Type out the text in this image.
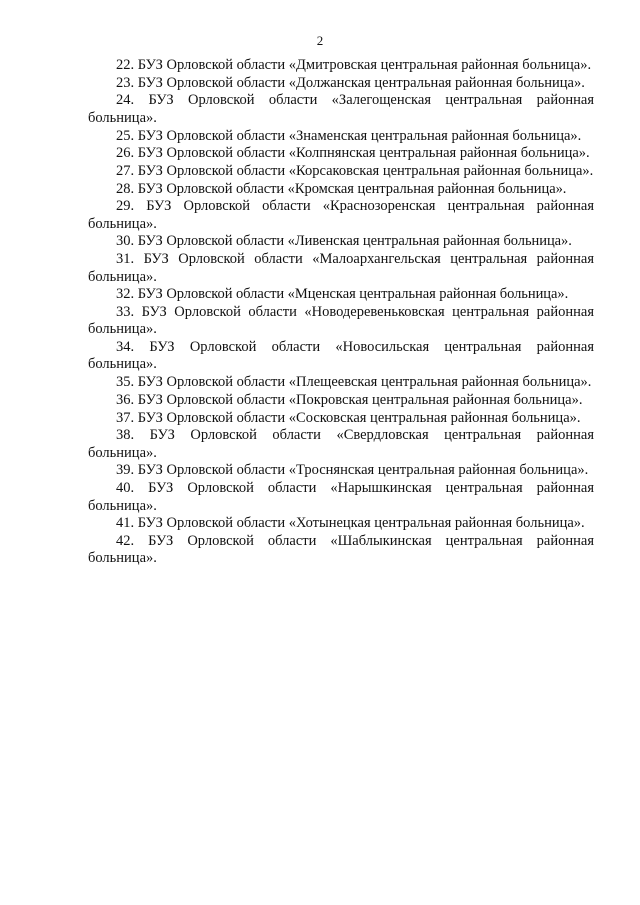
2

22. БУЗ Орловской области «Дмитровская центральная районная больница».

23. БУЗ Орловской области «Должанская центральная районная больница».

24. БУЗ Орловской области «Залегощенская центральная районная больница».

25. БУЗ Орловской области «Знаменская центральная районная больница».

26. БУЗ Орловской области «Колпнянская центральная районная больница».

27. БУЗ Орловской области «Корсаковская центральная районная больница».

28. БУЗ Орловской области «Кромская центральная районная больница».

29. БУЗ Орловской области «Краснозоренская центральная районная больница».

30. БУЗ Орловской области «Ливенская центральная районная больница».

31. БУЗ Орловской области «Малоархангельская центральная районная больница».

32. БУЗ Орловской области «Мценская центральная районная больница».

33. БУЗ Орловской области «Новодеревеньковская центральная районная больница».

34. БУЗ Орловской области «Новосильская центральная районная больница».

35. БУЗ Орловской области «Плещеевская центральная районная больница».

36. БУЗ Орловской области «Покровская центральная районная больница».

37. БУЗ Орловской области «Сосковская центральная районная больница».

38. БУЗ Орловской области «Свердловская центральная районная больница».

39. БУЗ Орловской области «Троснянская центральная районная больница».

40. БУЗ Орловской области «Нарышкинская центральная районная больница».

41. БУЗ Орловской области «Хотынецкая центральная районная больница».

42. БУЗ Орловской области «Шаблыкинская центральная районная больница».
